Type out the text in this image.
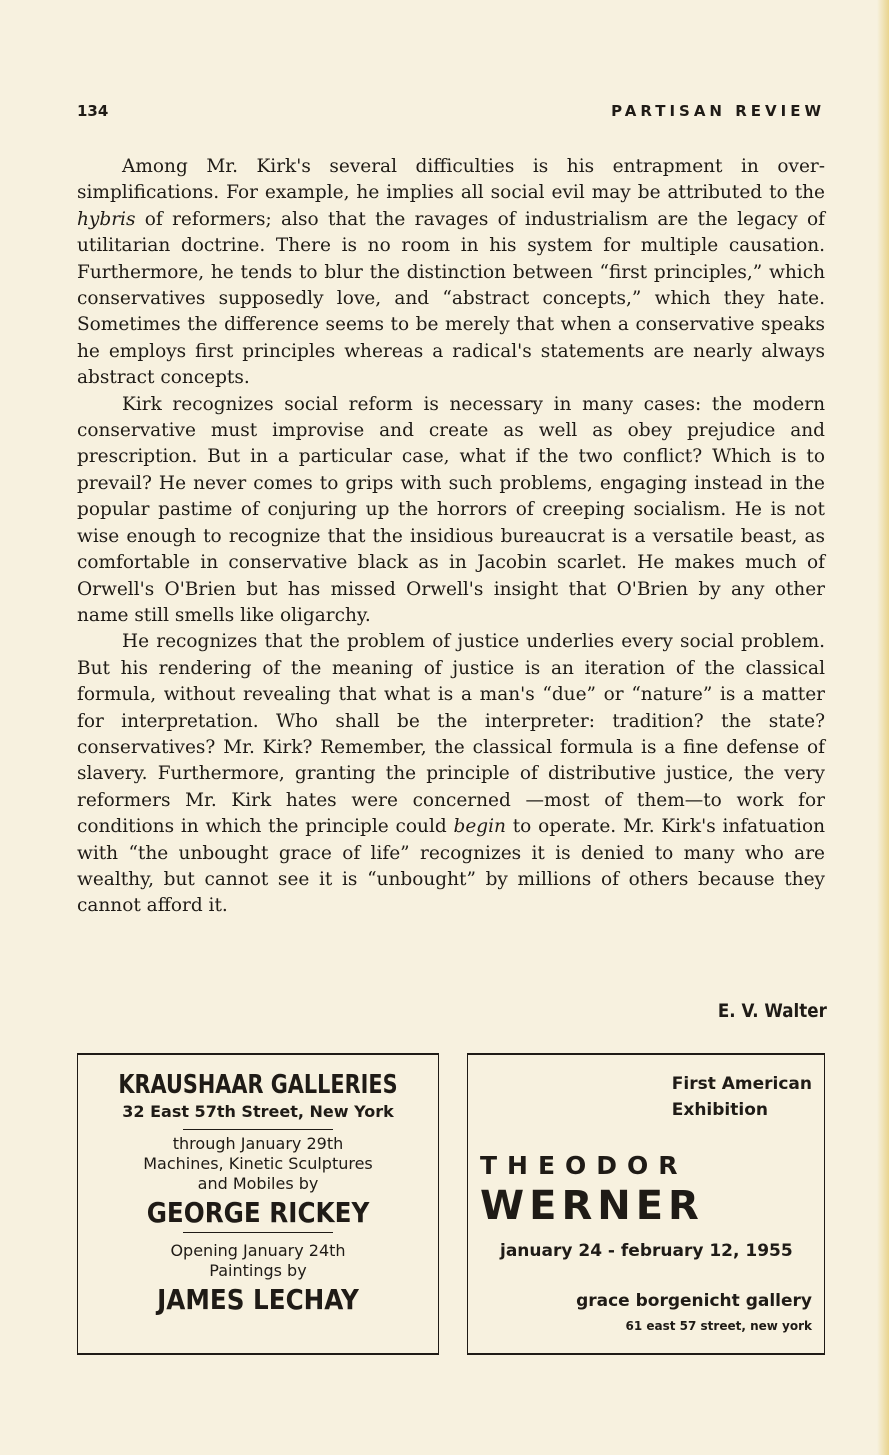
134	PARTISAN REVIEW

Among Mr. Kirk's several difficulties is his entrapment in over-simplifications. For example, he implies all social evil may be attributed to the hybris of reformers; also that the ravages of industrialism are the legacy of utilitarian doctrine. There is no room in his system for multiple causation. Furthermore, he tends to blur the distinction between “first principles,” which conservatives supposedly love, and “abstract concepts,” which they hate. Sometimes the difference seems to be merely that when a conservative speaks he employs first principles whereas a radical's statements are nearly always abstract concepts.

Kirk recognizes social reform is necessary in many cases: the modern conservative must improvise and create as well as obey prejudice and prescription. But in a particular case, what if the two conflict? Which is to prevail? He never comes to grips with such problems, engaging instead in the popular pastime of conjuring up the horrors of creeping socialism. He is not wise enough to recognize that the insidious bureaucrat is a versatile beast, as comfortable in conservative black as in Jacobin scarlet. He makes much of Orwell's O'Brien but has missed Orwell's insight that O'Brien by any other name still smells like oligarchy.

He recognizes that the problem of justice underlies every social problem. But his rendering of the meaning of justice is an iteration of the classical formula, without revealing that what is a man's “due” or “nature” is a matter for interpretation. Who shall be the interpreter: tradition? the state? conservatives? Mr. Kirk? Remember, the classical formula is a fine defense of slavery. Furthermore, granting the principle of distributive justice, the very reformers Mr. Kirk hates were concerned —most of them—to work for conditions in which the principle could begin to operate. Mr. Kirk's infatuation with “the unbought grace of life” recognizes it is denied to many who are wealthy, but cannot see it is “unbought” by millions of others because they cannot afford it.

E. V. Walter
KRAUSHAAR GALLERIES
32 East 57th Street, New York
through January 29th
Machines, Kinetic Sculptures
and Mobiles by
GEORGE RICKEY
Opening January 24th
Paintings by
JAMES LECHAY
First American
Exhibition
THEODOR
WERNER
january 24 - february 12, 1955
grace borgenicht gallery
61 east 57 street, new york
